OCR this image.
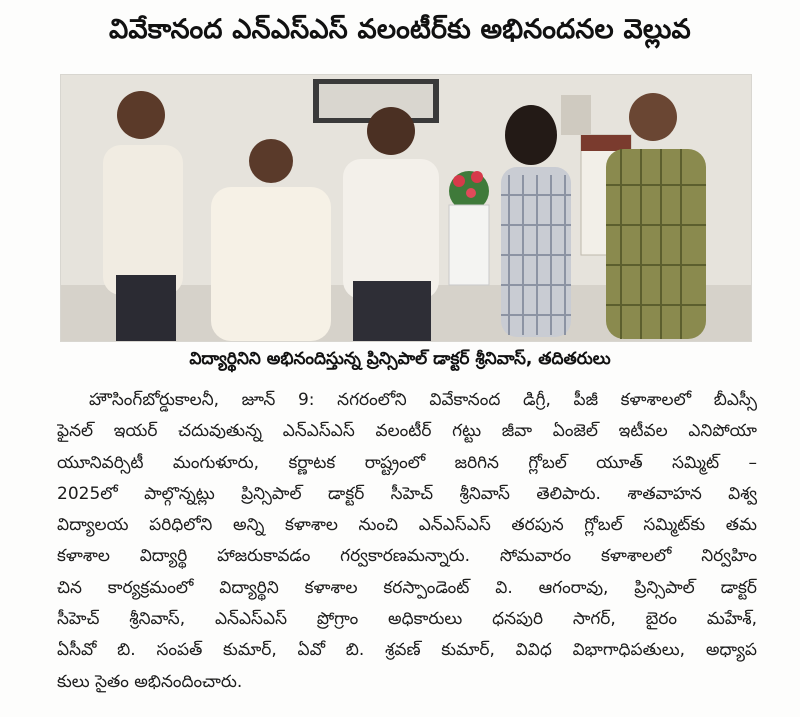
వివేకానంద ఎన్ఎస్ఎస్ వలంటీర్‌కు అభినందనల వెల్లువ
విద్యార్థినిని అభినందిస్తున్న ప్రిన్సిపాల్ డాక్టర్ శ్రీనివాస్, తదితరులు
హౌసింగ్‌బోర్డుకాలనీ, జూన్ 9: నగరంలోని వివేకానంద డిగ్రీ, పీజీ కళాశాలలో బీఎస్సీ
ఫైనల్ ఇయర్ చదువుతున్న ఎన్ఎస్ఎస్ వలంటీర్ గట్టు జీవా ఏంజెల్ ఇటీవల ఎనిపోయా
యూనివర్సిటీ మంగుళూరు, కర్ణాటక రాష్ట్రంలో జరిగిన గ్లోబల్ యూత్ సమ్మిట్ –
2025లో పాల్గొన్నట్లు ప్రిన్సిపాల్ డాక్టర్ సీహెచ్ శ్రీనివాస్ తెలిపారు. శాతవాహన విశ్వ
విద్యాలయ పరిధిలోని అన్ని కళాశాల నుంచి ఎన్ఎస్ఎస్ తరపున గ్లోబల్ సమ్మిట్‌కు తమ
కళాశాల విద్యార్థి హాజరుకావడం గర్వకారణమన్నారు. సోమవారం కళాశాలలో నిర్వహిం
చిన కార్యక్రమంలో విద్యార్థిని కళాశాల కరస్పాండెంట్ వి. ఆగంరావు, ప్రిన్సిపాల్ డాక్టర్
సీహెచ్ శ్రీనివాస్, ఎన్ఎస్ఎస్ ప్రోగ్రాం అధికారులు ధనపురి సాగర్, బైరం మహేశ్,
ఏసీవో బి. సంపత్ కుమార్, ఏవో బి. శ్రవణ్ కుమార్, వివిధ విభాగాధిపతులు, అధ్యాప
కులు సైతం అభినందించారు.
